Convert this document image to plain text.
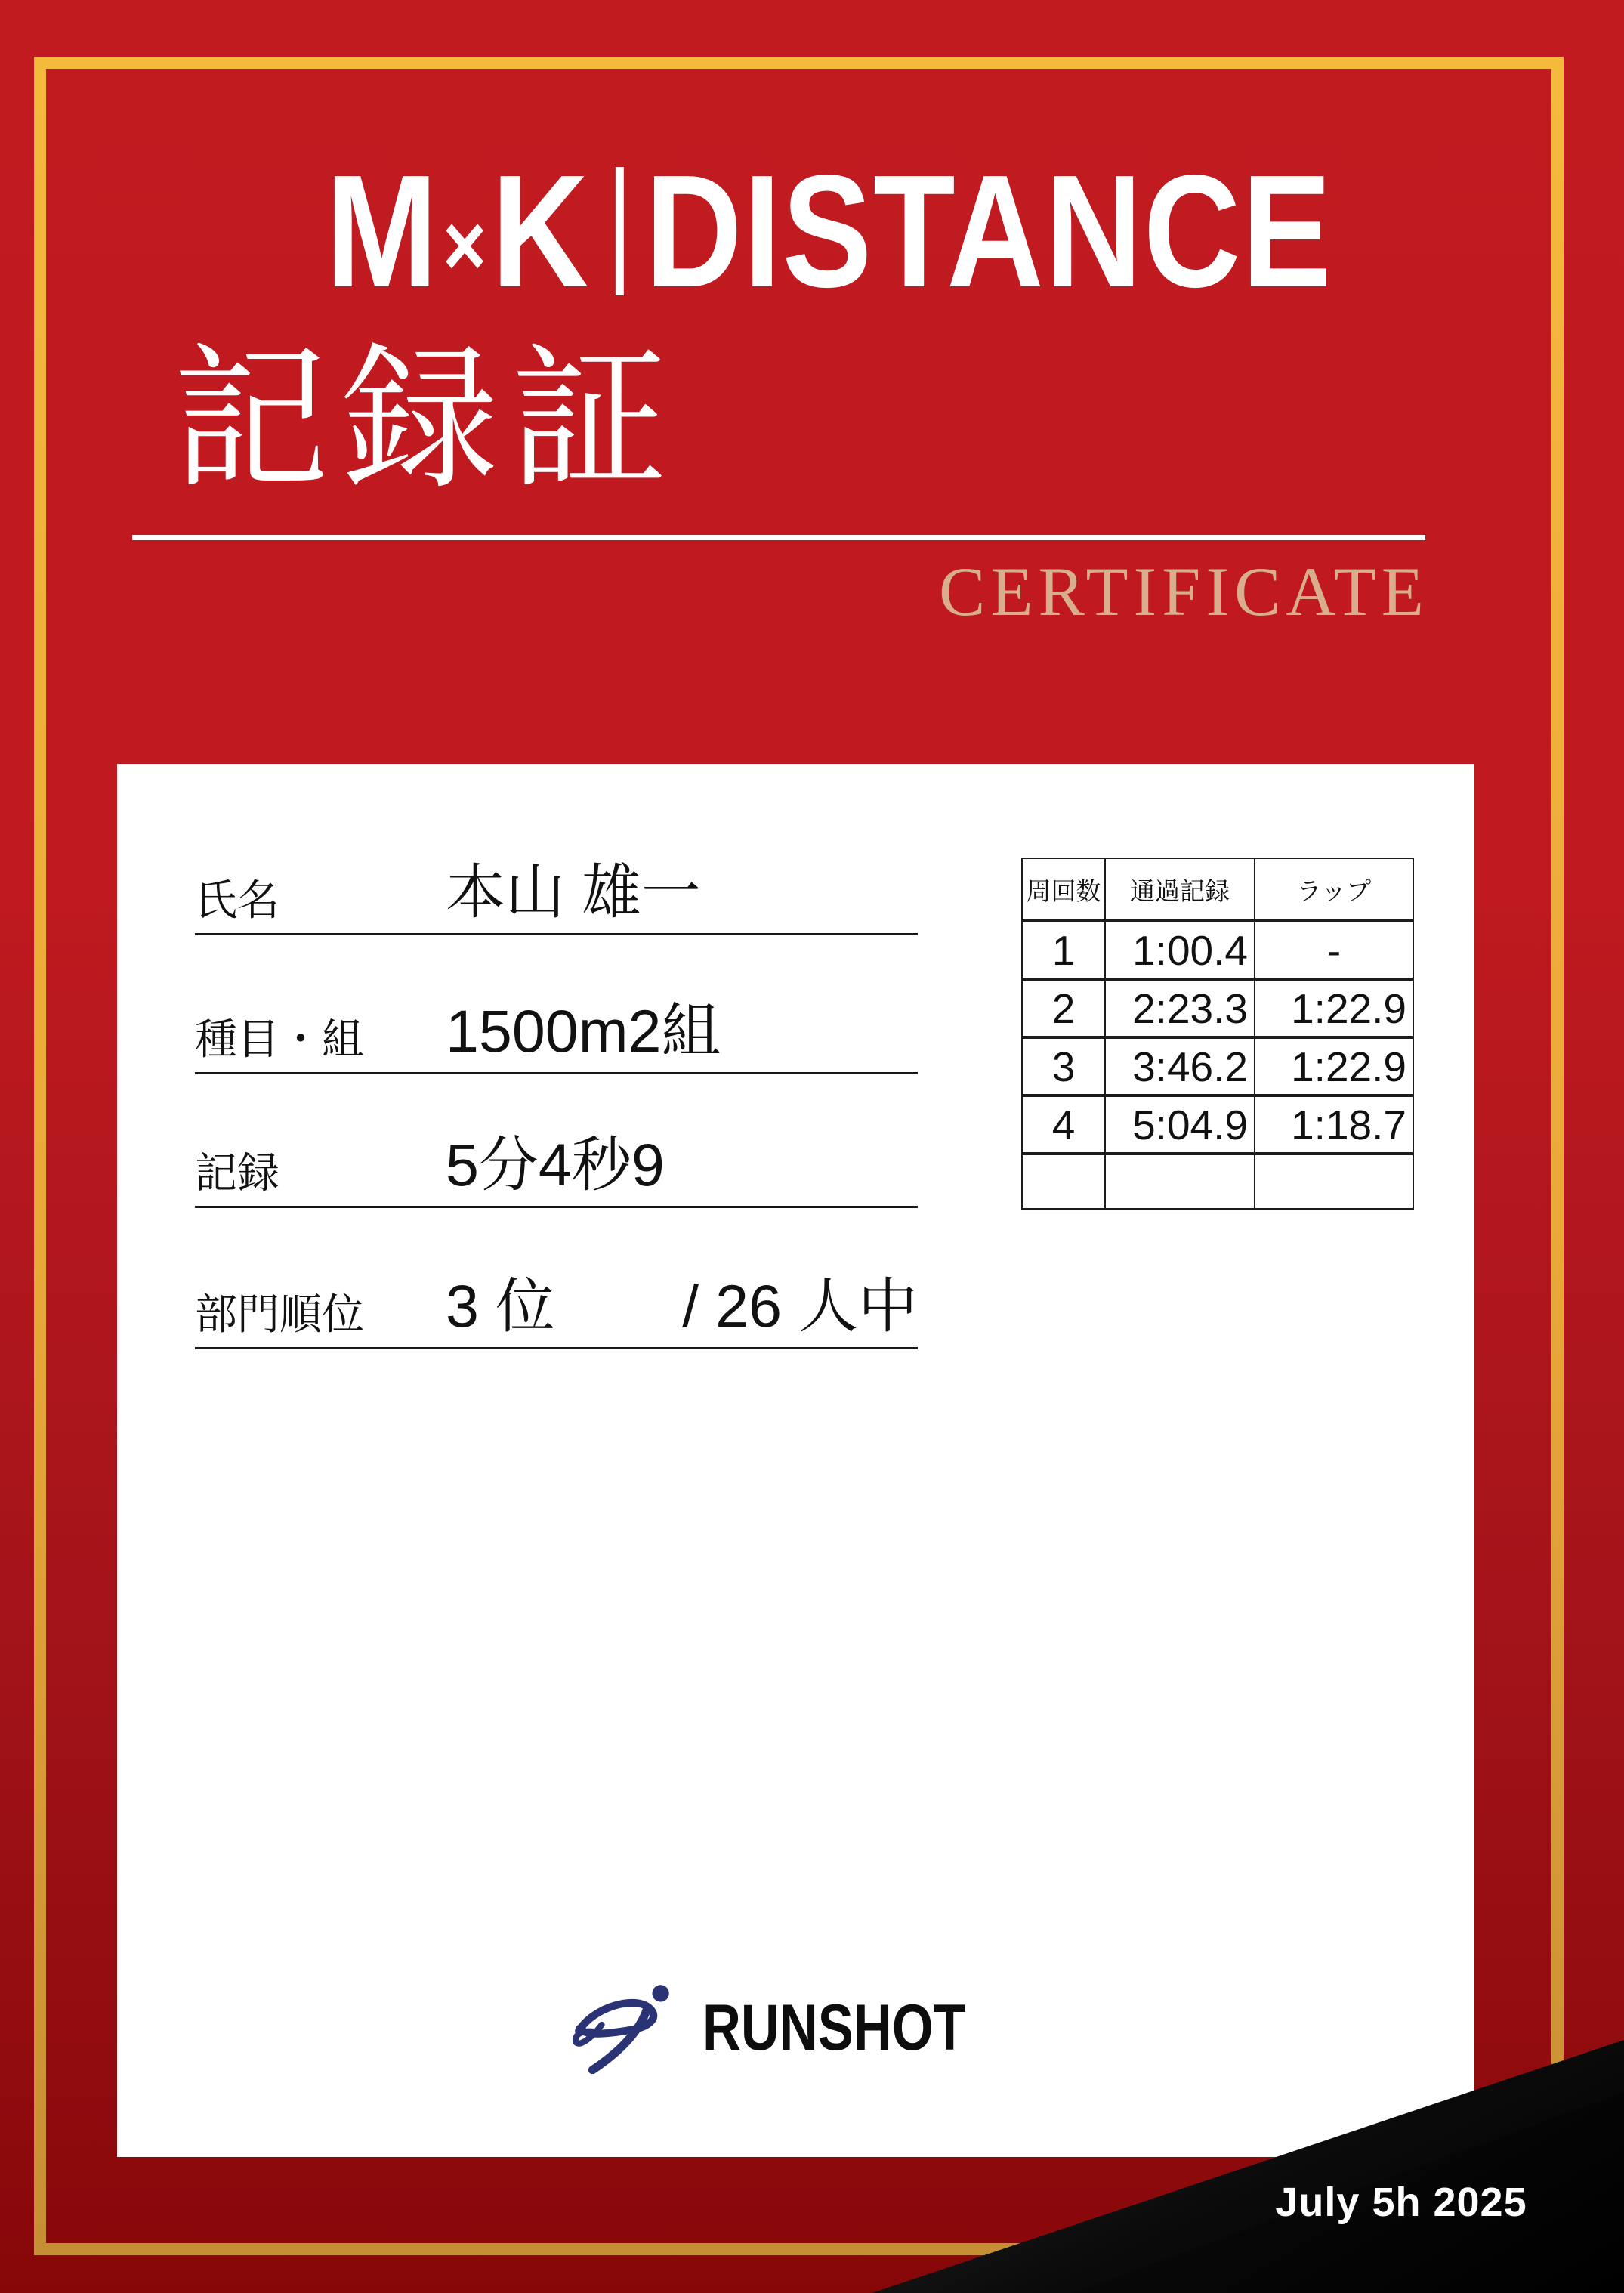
M×K DISTANCE
記録証
CERTIFICATE
氏名	本山 雄一
種目・組	1500m2組
記録	5分4秒9
部門順位	3 位	/ 26 人中
周回数	通過記録	ラップ
1	1:00.4	-
2	2:23.3	1:22.9
3	3:46.2	1:22.9
4	5:04.9	1:18.7

RUNSHOT
July 5h 2025
